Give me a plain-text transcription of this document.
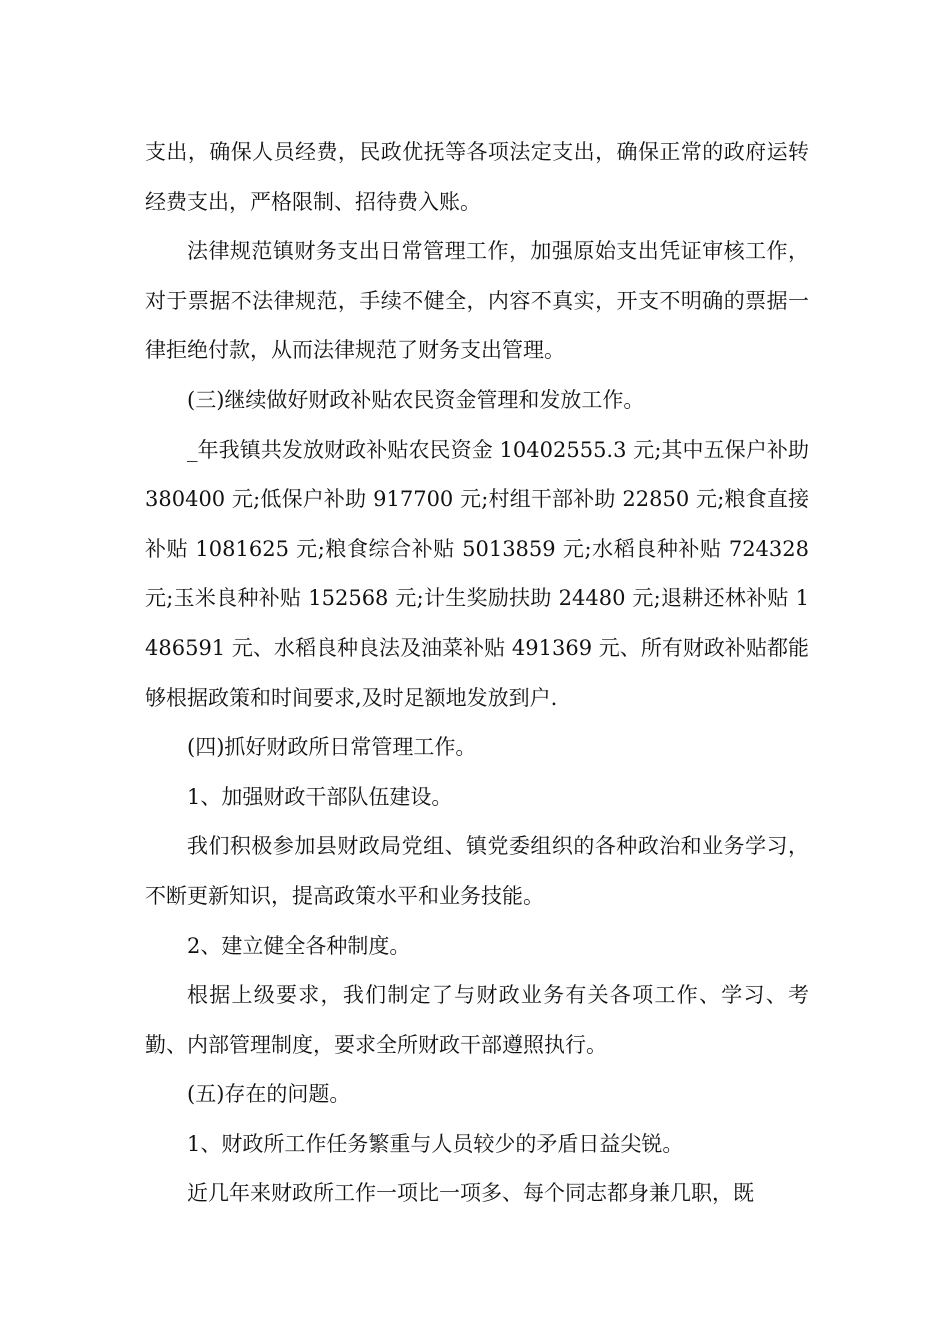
支出，确保人员经费，民政优抚等各项法定支出，确保正常的政府运转经费支出，严格限制、招待费入账。

法律规范镇财务支出日常管理工作，加强原始支出凭证审核工作，对于票据不法律规范，手续不健全，内容不真实，开支不明确的票据一律拒绝付款，从而法律规范了财务支出管理。

(三)继续做好财政补贴农民资金管理和发放工作。

_年我镇共发放财政补贴农民资金 10402555.3 元;其中五保户补助 380400 元;低保户补助 917700 元;村组干部补助 22850 元;粮食直接补贴 1081625 元;粮食综合补贴 5013859 元;水稻良种补贴 724328 元;玉米良种补贴 152568 元;计生奖励扶助 24480 元;退耕还林补贴 1486591 元、水稻良种良法及油菜补贴 491369 元、所有财政补贴都能够根据政策和时间要求,及时足额地发放到户.

(四)抓好财政所日常管理工作。

1、加强财政干部队伍建设。

我们积极参加县财政局党组、镇党委组织的各种政治和业务学习，不断更新知识，提高政策水平和业务技能。

2、建立健全各种制度。

根据上级要求，我们制定了与财政业务有关各项工作、学习、考勤、内部管理制度，要求全所财政干部遵照执行。

(五)存在的问题。

1、财政所工作任务繁重与人员较少的矛盾日益尖锐。

近几年来财政所工作一项比一项多、每个同志都身兼几职，既
